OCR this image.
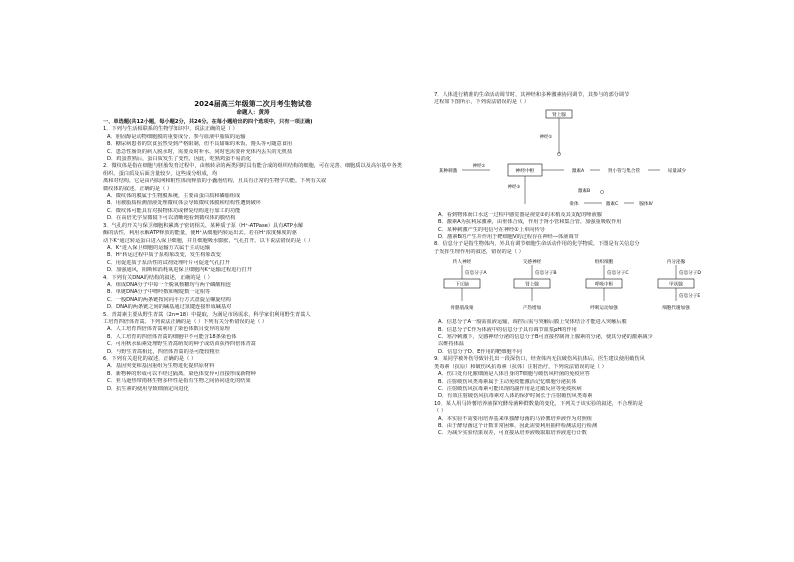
2024届高三年级第二次月考生物试卷
命题人：黄涛
一、单选题(共12小题，每小题2分，共24分。在每小题给出的四个选项中，只有一项正确)
1．下列与生活相联系的生物学知识中，说法正确的是（ ）
A．胆固醇是动物细胞膜的重要成分，参与血液中脂质的运输
B．糖尿病患者的饮食虽然受到严格限制，但不具甜味的米饭、馒头等可随意食用
C．患急性肠炎的病人脱水时，需要及时补水，同时也需要补充体内丢失的无机盐
D．鸡蛋煮熟后，蛋白质发生了变性，因此，吃熟鸡蛋不易消化
2．微纹体是指在细胞与胚胎发育过程中，由核转录的两类同时具有能合成的组织结构的细胞，可在完善、细胞质以及高尔基中各类组织、蛋白质及后面含量较少。这些成分组成，均
离和对结构，它是由内质网和附性体而释放的小囊泡结构，且具有正常的生物学功能。下列有关叙
微纹体的叙述，正确的是（ ）
A．微纹体的膜属于生物膜系统，主要由蛋白质和磷脂组成
B．用被脂质检测溶液处理微纹体会导致微纹体膜和结构性遭到破坏
C．微纹体可能具有对损物体功或修复结构进行加工的功能
D．在高倍光学显微镜下可以清晰地看到微纹体的膜结构
3．气孔的开关与保卫细胞积累离子密切相关。某种质子泵（H⁺-ATPase）具有ATP水解
酶的活性，利用水解ATP释放的能量，使H⁺从细胞内转运出去。若在H⁺浓度梯度的驱
动下K⁺通过转运蛋白进入保卫细胞，并且细胞吸水膨胀，气孔打开。以下说法错误的是（ ）
A．K⁺进入保卫细胞的运输方式属于主动运输
B．H⁺转运过程中质子泵构象改变，发生构象改变
C．用促进质子泵活性的试剂处理叶片可促进气孔打开
D．加强通风，阻断和消耗氧进保卫细胞内K⁺运输过程进行打开
4．下列有关DNA的结构的叙述，正确的是（ ）
A．组成DNA分子中每一个脱氧核糖均与两个磷酸相连
B．单链DNA分子中嘌呤数和嘧啶数一定相等
C．一般DNA的两条链按同向平行方式盘旋呈螺旋结构
D．DNA的两条链之间的碱基通过氢键连接形成碱基对
5．青蒿素主要从野生青蒿（2n=18）中提取，为满足市场需求，科学家们利用野生青蒿人
工培育四倍体青蒿。下列说法正确的是（ ）下列有关分析错误的是（ ）
A．人工培育四倍体青蒿利用了染色体数目变异的原理
B．人工培育的四倍体青蒿的细胞中不可能含18条染色体
C．可用秋水仙素处理野生青蒿萌发的种子或幼苗获得四倍体青蒿
D．与野生青蒿相比，四倍体青蒿的茎可能较粗壮
6．下列有关进化的叙述，正确的是（ ）
A．基因突变和基因重组为生物进化提供原材料
B．新物种的形成可以不经过隔离，染色体变异可直接形成新物种
C．亚马逊热带雨林生物多样性是指有生物之间协同进化的结果
D．抗生素的使用导致细菌定向进化
7．人体进行精准的生命活动调节时，其神经和多种激素协同调节，其参与的部分调节
过程如下图所示，下列说法错误的是（ ）
肾上腺
神经①
某种刺激
神经②
神经中枢	激素A	肾小管与集合管	尿量减少
神经③
激素B
垂体	激素C	腺体Ⅳ
A．看到物体而口水这一过程中感觉器是视觉②的末梢及其支配的唾液腺
B．激素A为抗利尿激素，由垂体合成，作用于肾小管和集合管，加强重吸收作用
C．某种刺激产生的电信号在神经①上单向传导
D．激素B的产生并作用于靶细胞Ⅴ的过程存在神经—体液调节
8．信息分子是指生物体内、外具有调节细胞生命活动作用的化学物质。下图是有关信息分
子发挥生理作用的叙述，错误的是（ ）
传人神经
信息分子A
下丘脑
交感神经
信息分子B
肾上腺
组织细胞
信息分子C
呼吸中枢
内分泌腺
信息分子D
甲状腺
骨骼肌战栗	产热增加	呼吸运动加强
信息分子E
细胞代谢加强
A．信息分子A一般需血液运输，调控后需与突触后膜上受体结合才能进入突触后膜
B．信息分子C作为体液中的信息分子具有调节血浆pH的作用
C．寒冷刺激下，交感神经分泌的信息分子B可直接控制肾上腺素的分泌，使其分泌的激素减少
以维持体温
D．信息分子D、E作用的靶细胞不同
9．某同学被外伤导致针扎出一段深伤口，经查体内无抗破伤风抗体后，医生建议使用破伤风
类毒素（抗原）和破伤风抗毒素（抗体）注射治疗，下列说法错误的是（ ）
A．伤口处有化脓细菌是人体自身的T细胞与破伤风杆菌的免疫应答
B．注射破伤风类毒素属于主动免疫能激活记忆细胞分泌抗体
C．注射破伤风抗毒素可能出现的副作用是过敏反应等免疫疾病
D．有效注射破伤风抗毒素对人体的保护时间长于注射破伤风类毒素
10．某人用马铃薯培养液探究酵母菌种群数量的变化，下列关于该实验的叙述，不合理的是
（ ）
A．本实验不需要用培养基来单独酵母菌的马铃薯培养液作为对照组
B．由于酵母菌这个计数非常困难，因此需要利用抽样检测法进行检测
C．为减少实验结果误差，可直接从培养液吸取取培养液进行计数
